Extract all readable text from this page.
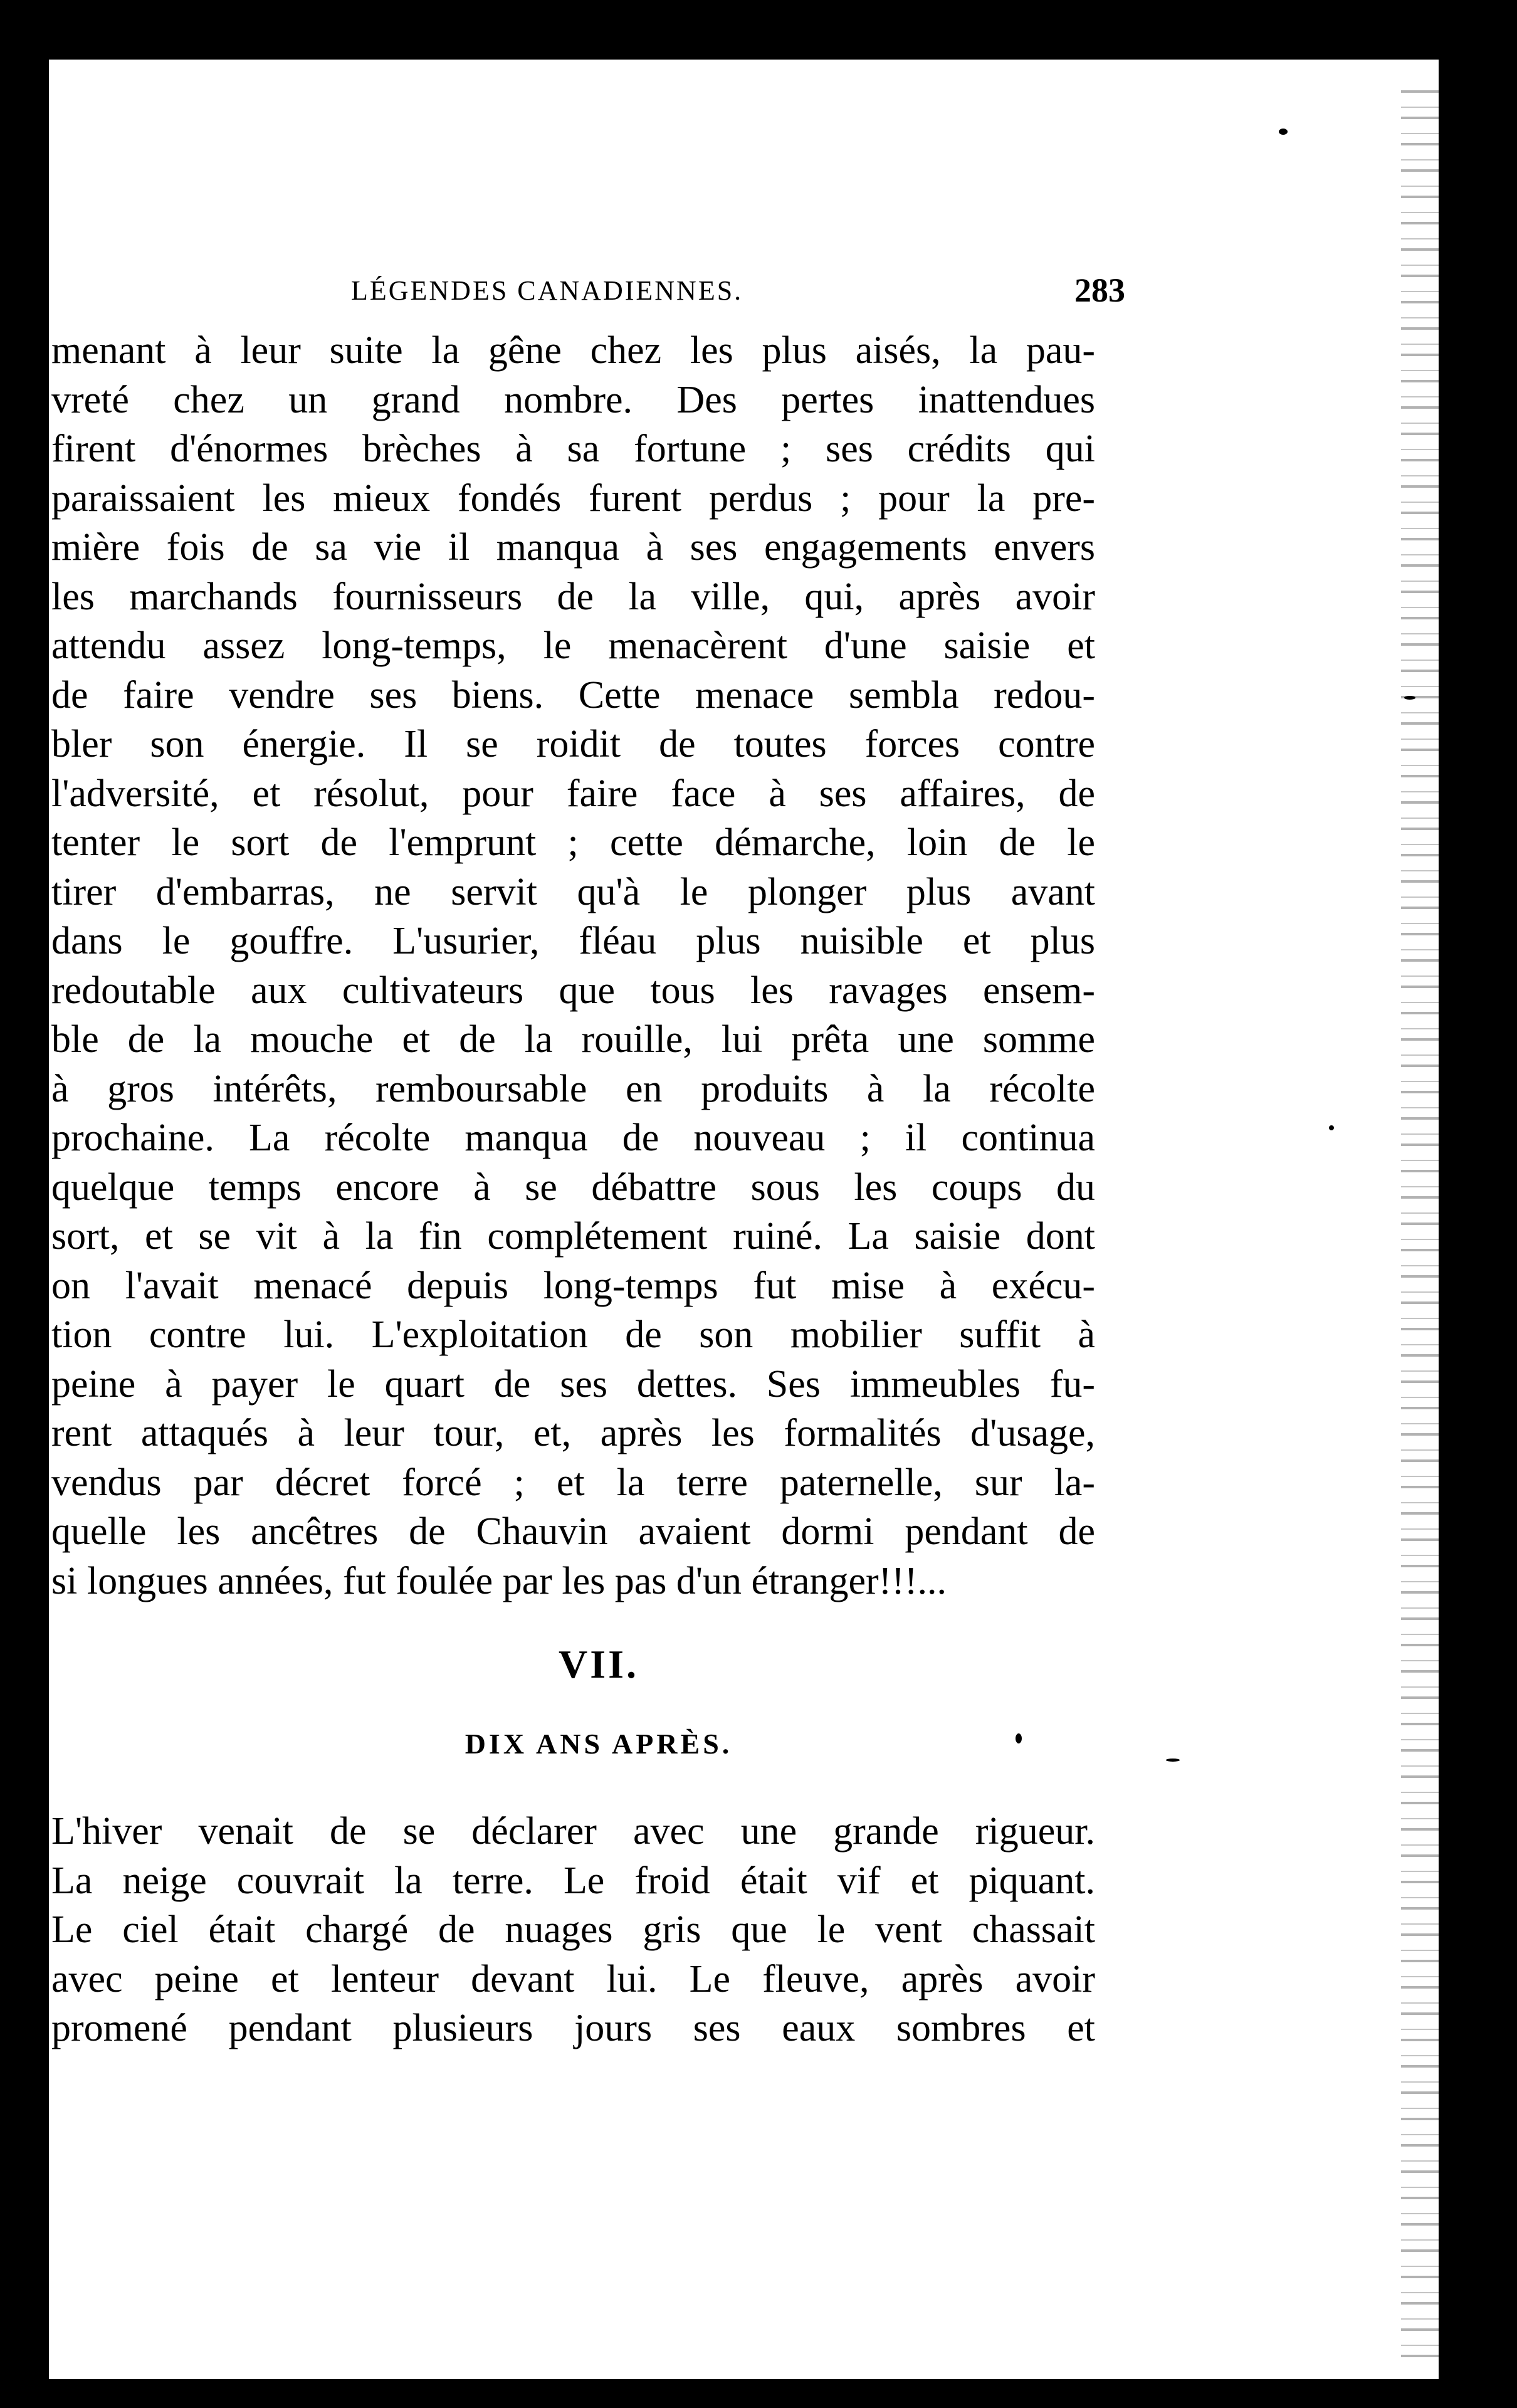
LÉGENDES CANADIENNES.	283
menant à leur suite la gêne chez les plus aisés, la pau-
vreté chez un grand nombre. Des pertes inattendues
firent d'énormes brèches à sa fortune ; ses crédits qui
paraissaient les mieux fondés furent perdus ; pour la pre-
mière fois de sa vie il manqua à ses engagements envers
les marchands fournisseurs de la ville, qui, après avoir
attendu assez long-temps, le menacèrent d'une saisie et
de faire vendre ses biens. Cette menace sembla redou-
bler son énergie. Il se roidit de toutes forces contre
l'adversité, et résolut, pour faire face à ses affaires, de
tenter le sort de l'emprunt ; cette démarche, loin de le
tirer d'embarras, ne servit qu'à le plonger plus avant
dans le gouffre. L'usurier, fléau plus nuisible et plus
redoutable aux cultivateurs que tous les ravages ensem-
ble de la mouche et de la rouille, lui prêta une somme
à gros intérêts, remboursable en produits à la récolte
prochaine. La récolte manqua de nouveau ; il continua
quelque temps encore à se débattre sous les coups du
sort, et se vit à la fin complétement ruiné. La saisie dont
on l'avait menacé depuis long-temps fut mise à exécu-
tion contre lui. L'exploitation de son mobilier suffit à
peine à payer le quart de ses dettes. Ses immeubles fu-
rent attaqués à leur tour, et, après les formalités d'usage,
vendus par décret forcé ; et la terre paternelle, sur la-
quelle les ancêtres de Chauvin avaient dormi pendant de
si longues années, fut foulée par les pas d'un étranger!!!...
VII.
DIX ANS APRÈS.
L'hiver venait de se déclarer avec une grande rigueur.
La neige couvrait la terre. Le froid était vif et piquant.
Le ciel était chargé de nuages gris que le vent chassait
avec peine et lenteur devant lui. Le fleuve, après avoir
promené pendant plusieurs jours ses eaux sombres et
